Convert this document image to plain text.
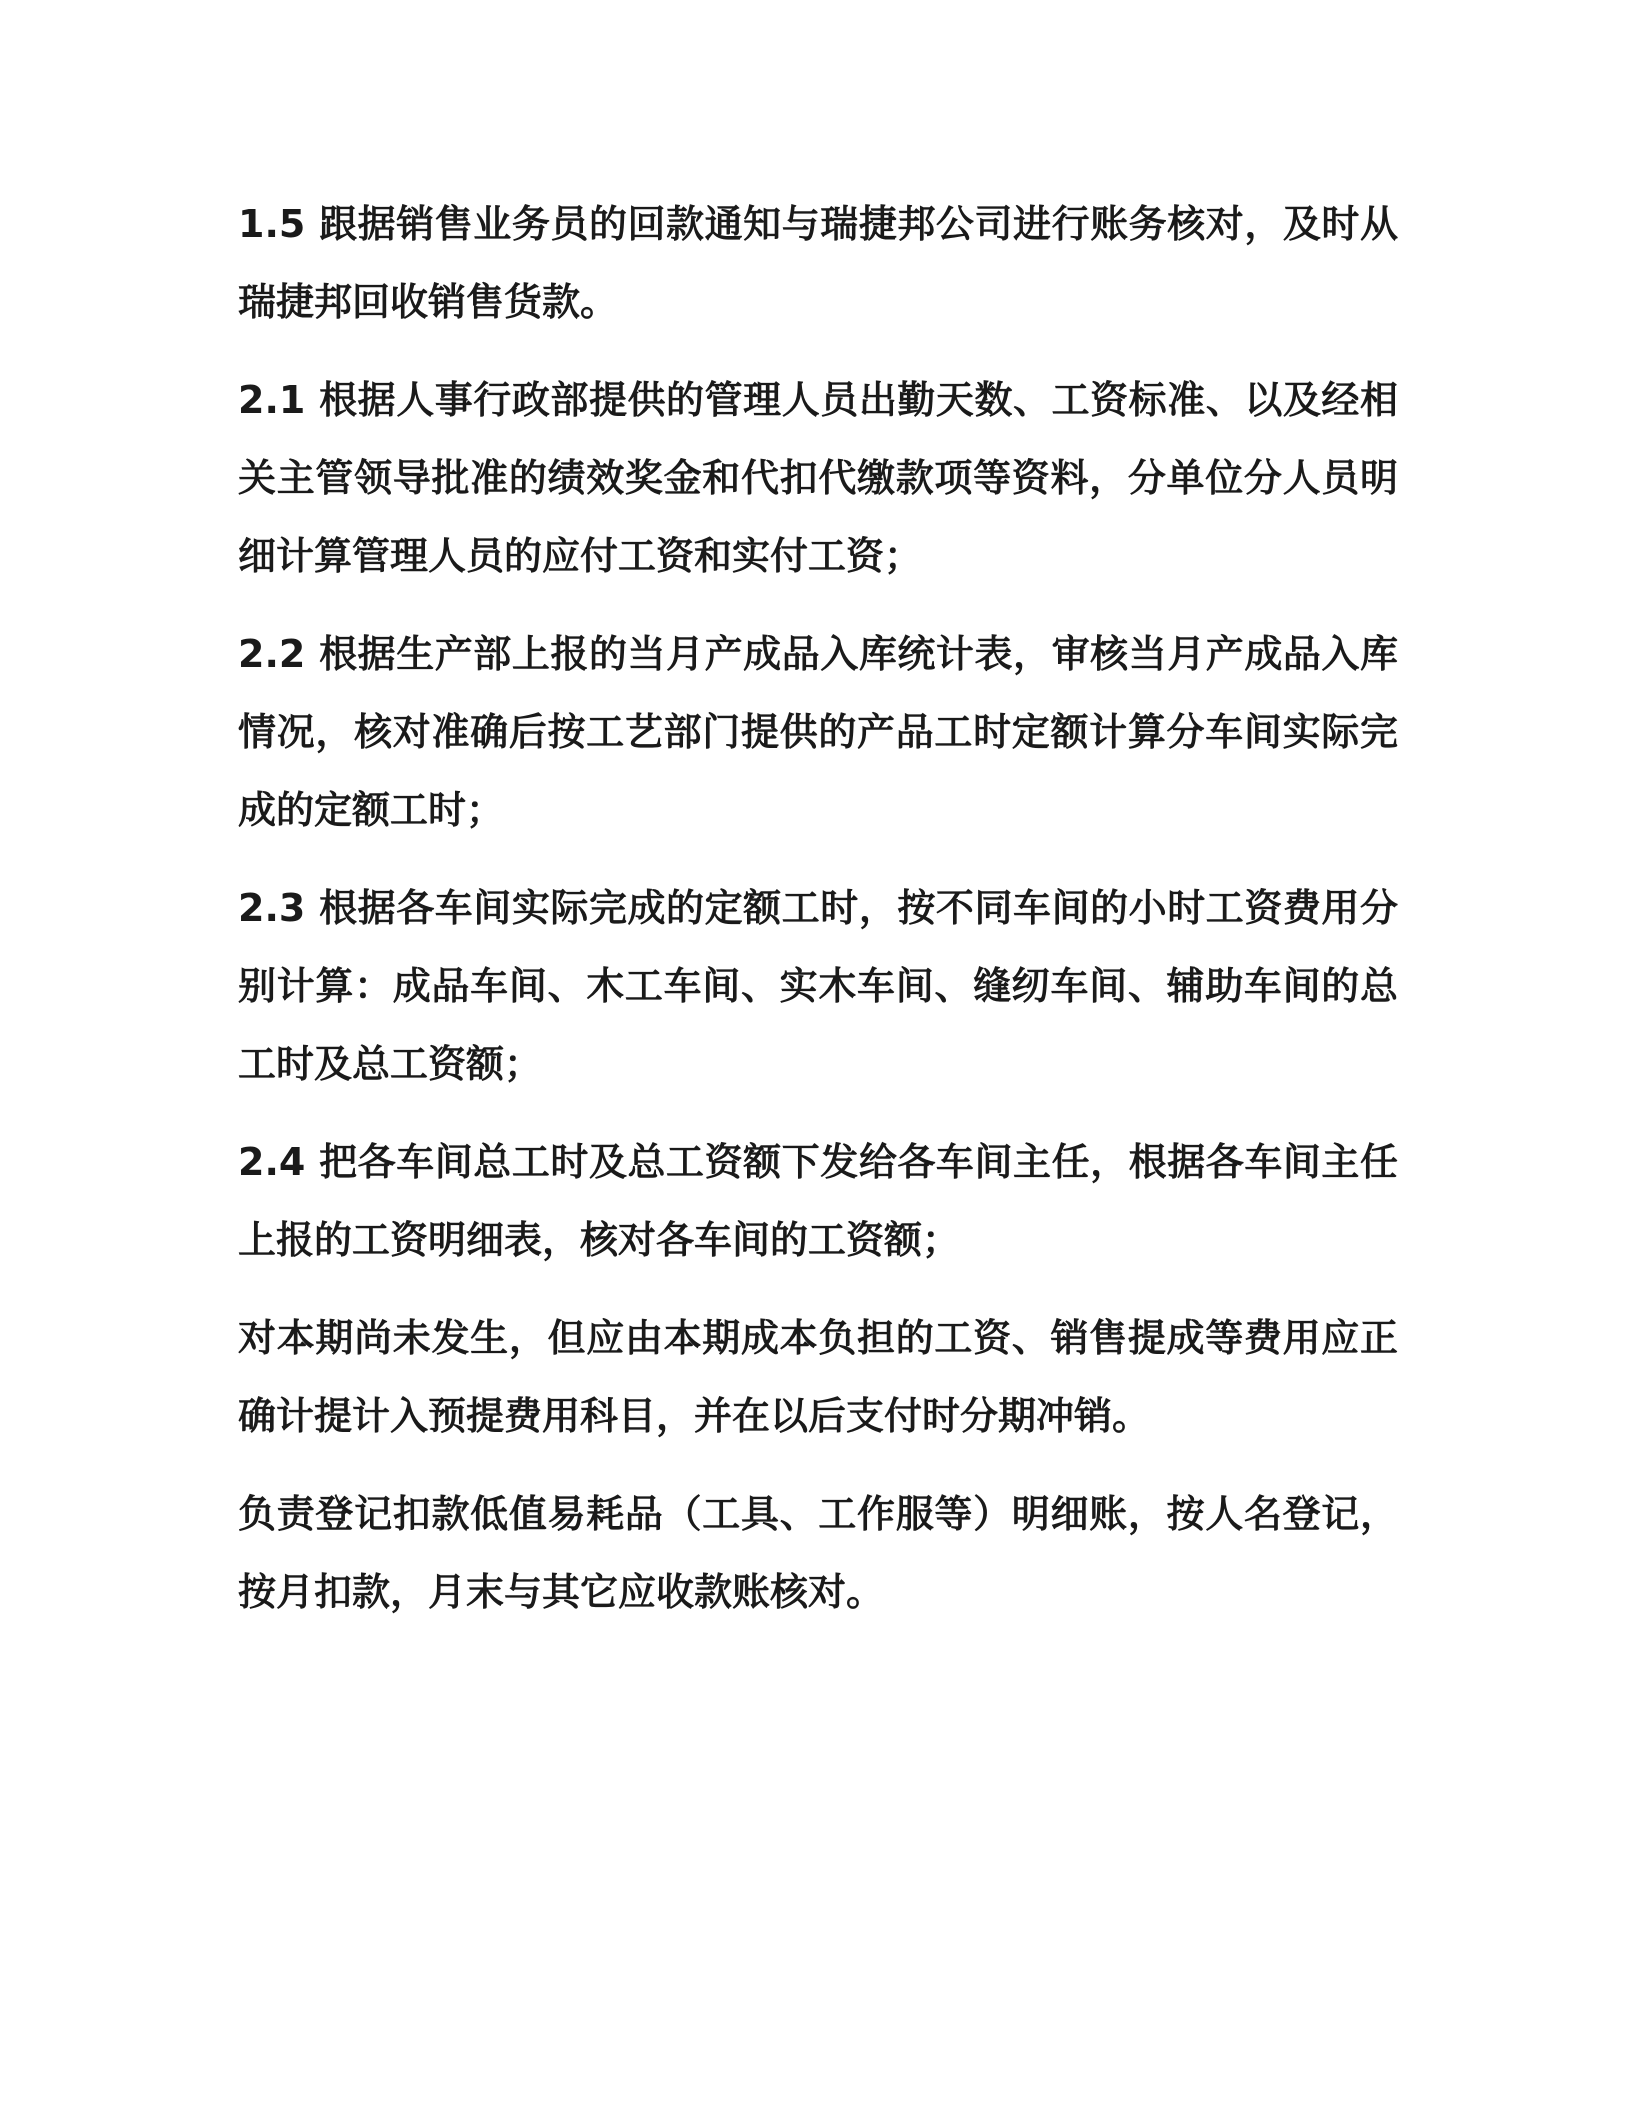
1.5 跟据销售业务员的回款通知与瑞捷邦公司进行账务核对，及时从瑞捷邦回收销售货款。

2.1 根据人事行政部提供的管理人员出勤天数、工资标准、以及经相关主管领导批准的绩效奖金和代扣代缴款项等资料，分单位分人员明细计算管理人员的应付工资和实付工资；

2.2 根据生产部上报的当月产成品入库统计表，审核当月产成品入库情况，核对准确后按工艺部门提供的产品工时定额计算分车间实际完成的定额工时；

2.3 根据各车间实际完成的定额工时，按不同车间的小时工资费用分别计算：成品车间、木工车间、实木车间、缝纫车间、辅助车间的总工时及总工资额；

2.4 把各车间总工时及总工资额下发给各车间主任，根据各车间主任上报的工资明细表，核对各车间的工资额；

对本期尚未发生，但应由本期成本负担的工资、销售提成等费用应正确计提计入预提费用科目，并在以后支付时分期冲销。

负责登记扣款低值易耗品（工具、工作服等）明细账，按人名登记，按月扣款，月末与其它应收款账核对。
